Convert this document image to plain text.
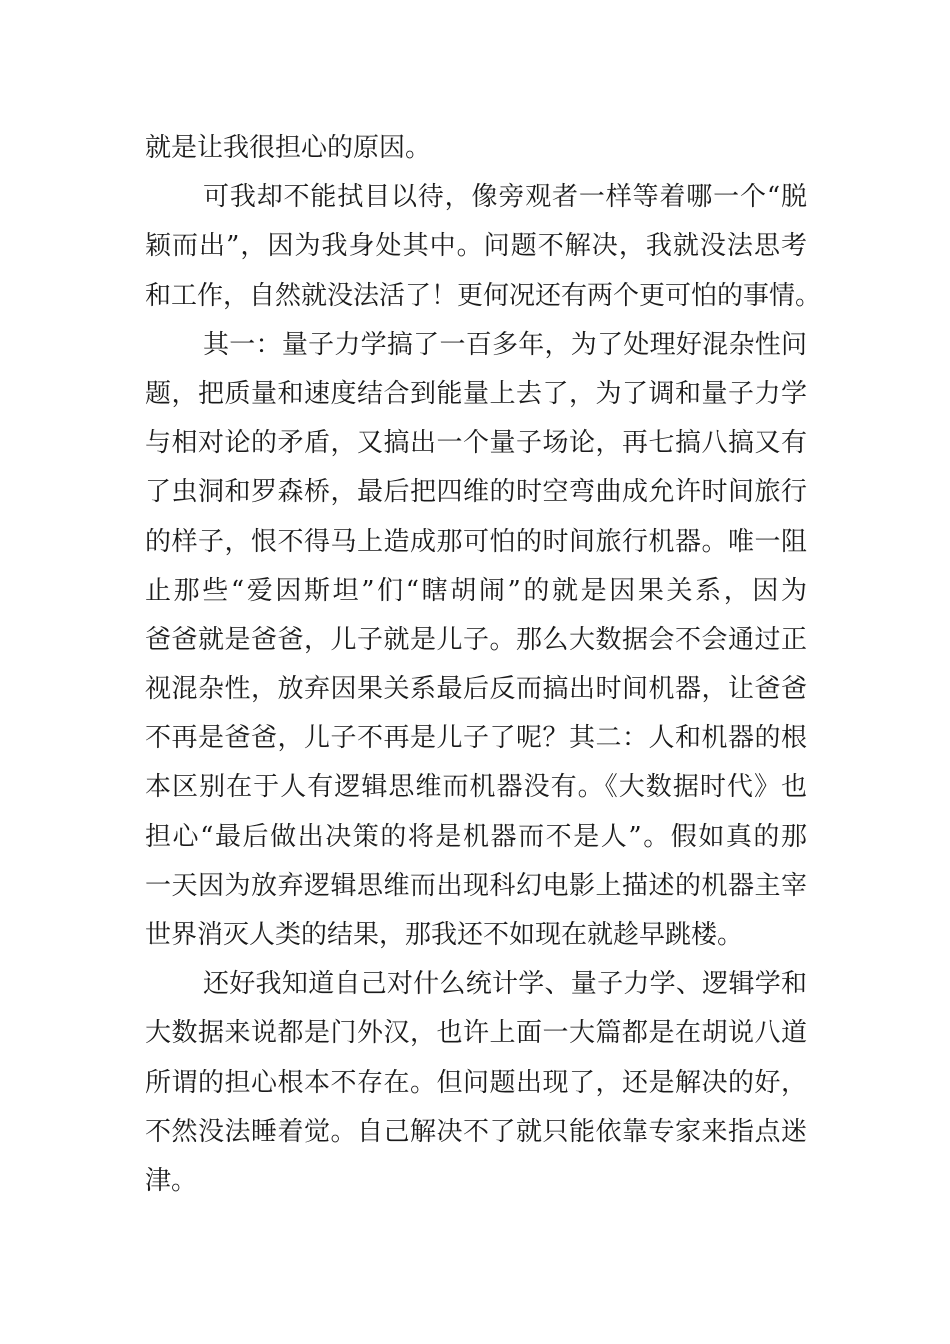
就是让我很担心的原因。
可我却不能拭目以待，像旁观者一样等着哪一个“脱
颖而出”，因为我身处其中。问题不解决，我就没法思考
和工作，自然就没法活了！更何况还有两个更可怕的事情。
其一：量子力学搞了一百多年，为了处理好混杂性问
题，把质量和速度结合到能量上去了，为了调和量子力学
与相对论的矛盾，又搞出一个量子场论，再七搞八搞又有
了虫洞和罗森桥，最后把四维的时空弯曲成允许时间旅行
的样子，恨不得马上造成那可怕的时间旅行机器。唯一阻
止那些“爱因斯坦”们“瞎胡闹”的就是因果关系，因为
爸爸就是爸爸，儿子就是儿子。那么大数据会不会通过正
视混杂性，放弃因果关系最后反而搞出时间机器，让爸爸
不再是爸爸，儿子不再是儿子了呢？其二：人和机器的根
本区别在于人有逻辑思维而机器没有。《大数据时代》也
担心“最后做出决策的将是机器而不是人”。假如真的那
一天因为放弃逻辑思维而出现科幻电影上描述的机器主宰
世界消灭人类的结果，那我还不如现在就趁早跳楼。
还好我知道自己对什么统计学、量子力学、逻辑学和
大数据来说都是门外汉，也许上面一大篇都是在胡说八道
所谓的担心根本不存在。但问题出现了，还是解决的好，
不然没法睡着觉。自己解决不了就只能依靠专家来指点迷
津。
